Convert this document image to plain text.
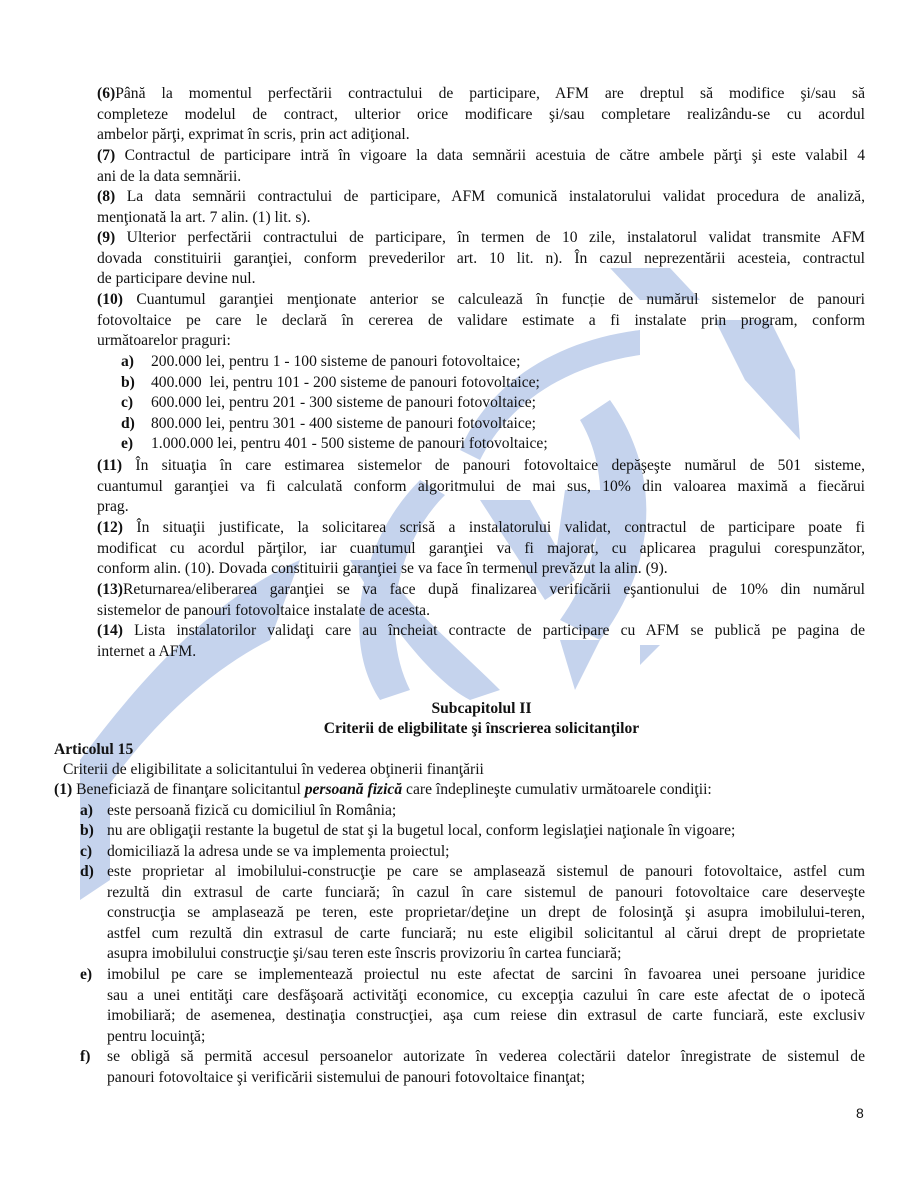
(6)Până la momentul perfectării contractului de participare, AFM are dreptul să modifice şi/sau să
completeze modelul de contract, ulterior orice modificare şi/sau completare realizându-se cu acordul
ambelor părţi, exprimat în scris, prin act adiţional.
(7) Contractul de participare intră în vigoare la data semnării acestuia de către ambele părţi şi este valabil 4
ani de la data semnării.
(8) La data semnării contractului de participare, AFM comunică instalatorului validat procedura de analiză,
menţionată la art. 7 alin. (1) lit. s).
(9) Ulterior perfectării contractului de participare, în termen de 10 zile, instalatorul validat transmite AFM
dovada constituirii garanţiei, conform prevederilor art. 10 lit. n). În cazul neprezentării acesteia, contractul
de participare devine nul.
(10) Cuantumul garanţiei menţionate anterior se calculează în funcție de numărul sistemelor de panouri
fotovoltaice pe care le declară în cererea de validare estimate a fi instalate prin program, conform
următoarelor praguri:
a) 200.000 lei, pentru 1 - 100 sisteme de panouri fotovoltaice;
b) 400.000  lei, pentru 101 - 200 sisteme de panouri fotovoltaice;
c) 600.000 lei, pentru 201 - 300 sisteme de panouri fotovoltaice;
d) 800.000 lei, pentru 301 - 400 sisteme de panouri fotovoltaice;
e) 1.000.000 lei, pentru 401 - 500 sisteme de panouri fotovoltaice;
(11) În situaţia în care estimarea sistemelor de panouri fotovoltaice depăşeşte numărul de 501 sisteme,
cuantumul garanţiei va fi calculată conform algoritmului de mai sus, 10% din valoarea maximă a fiecărui
prag.
(12) În situaţii justificate, la solicitarea scrisă a instalatorului validat, contractul de participare poate fi
modificat cu acordul părţilor, iar cuantumul garanţiei va fi majorat, cu aplicarea pragului corespunzător,
conform alin. (10). Dovada constituirii garanţiei se va face în termenul prevăzut la alin. (9).
(13)Returnarea/eliberarea garanţiei se va face după finalizarea verificării eşantionului de 10% din numărul
sistemelor de panouri fotovoltaice instalate de acesta.
(14) Lista instalatorilor validaţi care au încheiat contracte de participare cu AFM se publică pe pagina de
internet a AFM.
Subcapitolul II
Criterii de eligbilitate şi înscrierea solicitanţilor
Articolul 15
Criterii de eligibilitate a solicitantului în vederea obţinerii finanţării
(1) Beneficiază de finanţare solicitantul persoană fizică care îndeplineşte cumulativ următoarele condiţii:
a) este persoană fizică cu domiciliul în România;
b) nu are obligaţii restante la bugetul de stat şi la bugetul local, conform legislaţiei naţionale în vigoare;
c) domiciliază la adresa unde se va implementa proiectul;
d) este proprietar al imobilului-construcţie pe care se amplasează sistemul de panouri fotovoltaice, astfel cum
rezultă din extrasul de carte funciară; în cazul în care sistemul de panouri fotovoltaice care deserveşte
construcţia se amplasează pe teren, este proprietar/deţine un drept de folosinţă şi asupra imobilului-teren,
astfel cum rezultă din extrasul de carte funciară; nu este eligibil solicitantul al cărui drept de proprietate
asupra imobilului construcţie şi/sau teren este înscris provizoriu în cartea funciară;
e) imobilul pe care se implementează proiectul nu este afectat de sarcini în favoarea unei persoane juridice
sau a unei entităţi care desfăşoară activităţi economice, cu excepţia cazului în care este afectat de o ipotecă
imobiliară; de asemenea, destinaţia construcţiei, aşa cum reiese din extrasul de carte funciară, este exclusiv
pentru locuinţă;
f) se obligă să permită accesul persoanelor autorizate în vederea colectării datelor înregistrate de sistemul de
panouri fotovoltaice şi verificării sistemului de panouri fotovoltaice finanţat;
8
